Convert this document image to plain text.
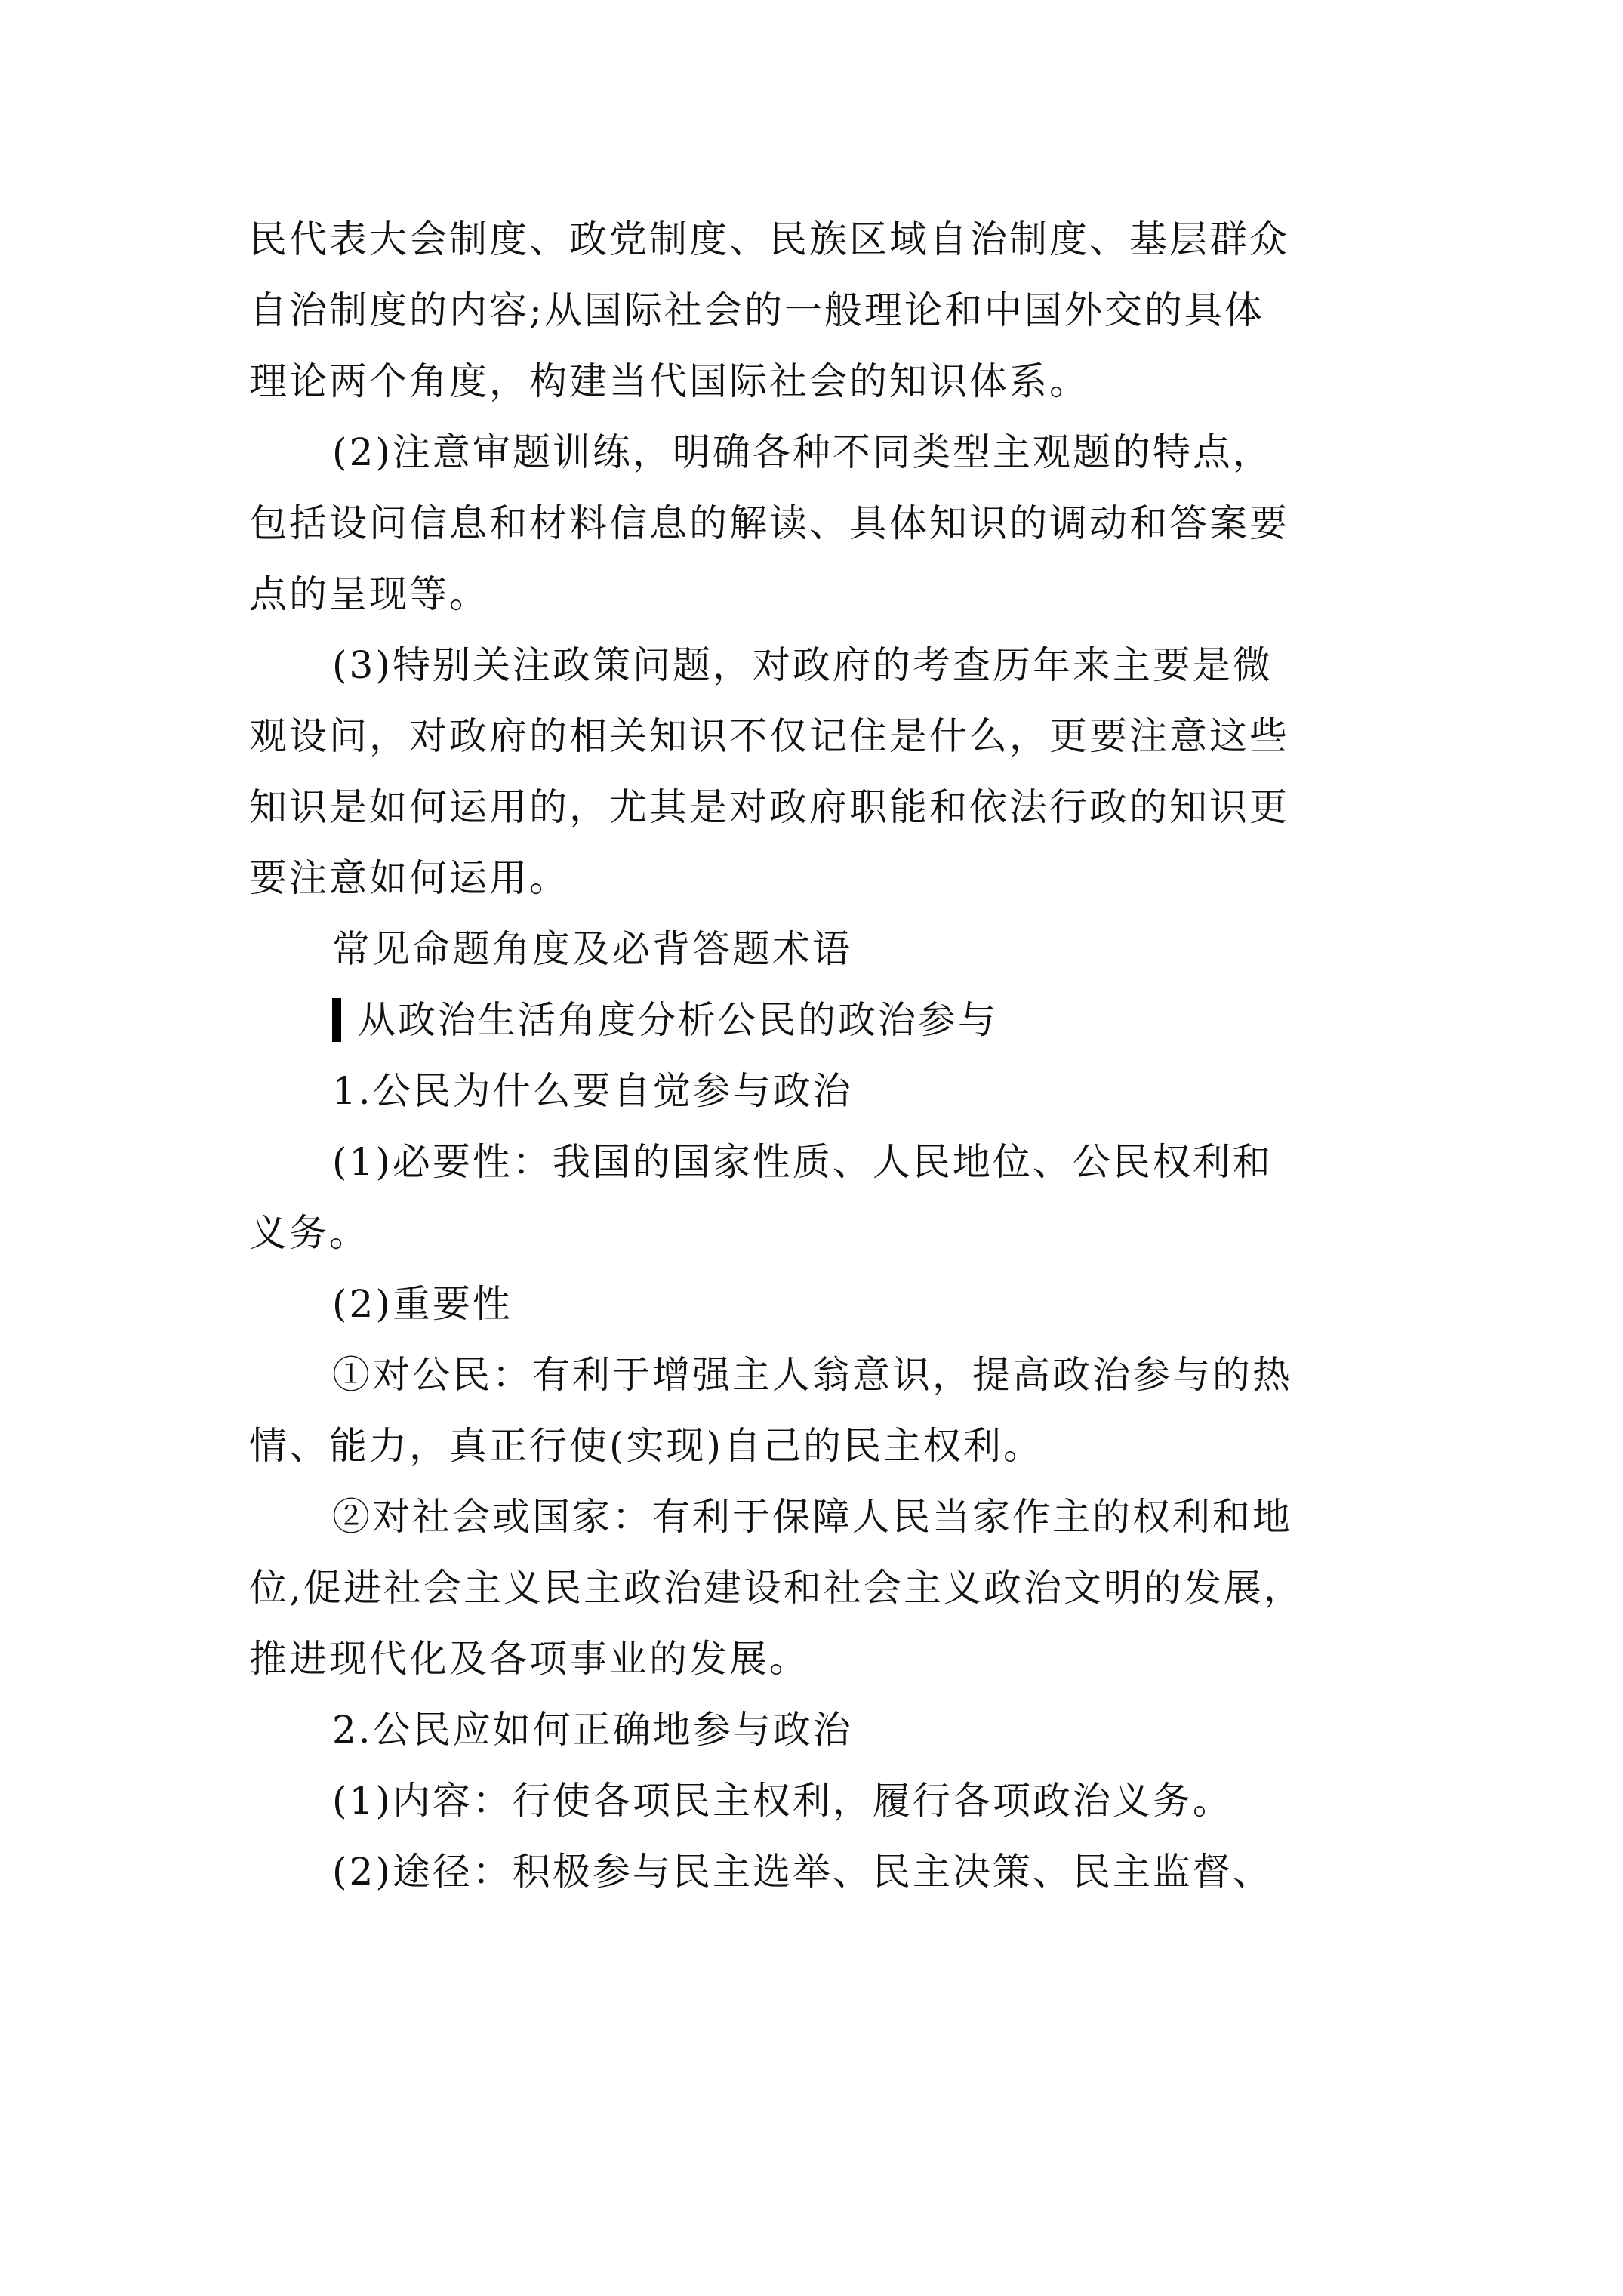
民代表大会制度、政党制度、民族区域自治制度、基层群众
自治制度的内容;从国际社会的一般理论和中国外交的具体
理论两个角度，构建当代国际社会的知识体系。
(2)注意审题训练，明确各种不同类型主观题的特点，
包括设问信息和材料信息的解读、具体知识的调动和答案要
点的呈现等。
(3)特别关注政策问题，对政府的考查历年来主要是微
观设问，对政府的相关知识不仅记住是什么，更要注意这些
知识是如何运用的，尤其是对政府职能和依法行政的知识更
要注意如何运用。
常见命题角度及必背答题术语
从政治生活角度分析公民的政治参与
1.公民为什么要自觉参与政治
(1)必要性：我国的国家性质、人民地位、公民权利和
义务。
(2)重要性
①对公民：有利于增强主人翁意识，提高政治参与的热
情、能力，真正行使(实现)自己的民主权利。
②对社会或国家：有利于保障人民当家作主的权利和地
位,促进社会主义民主政治建设和社会主义政治文明的发展，
推进现代化及各项事业的发展。
2.公民应如何正确地参与政治
(1)内容：行使各项民主权利，履行各项政治义务。
(2)途径：积极参与民主选举、民主决策、民主监督、
